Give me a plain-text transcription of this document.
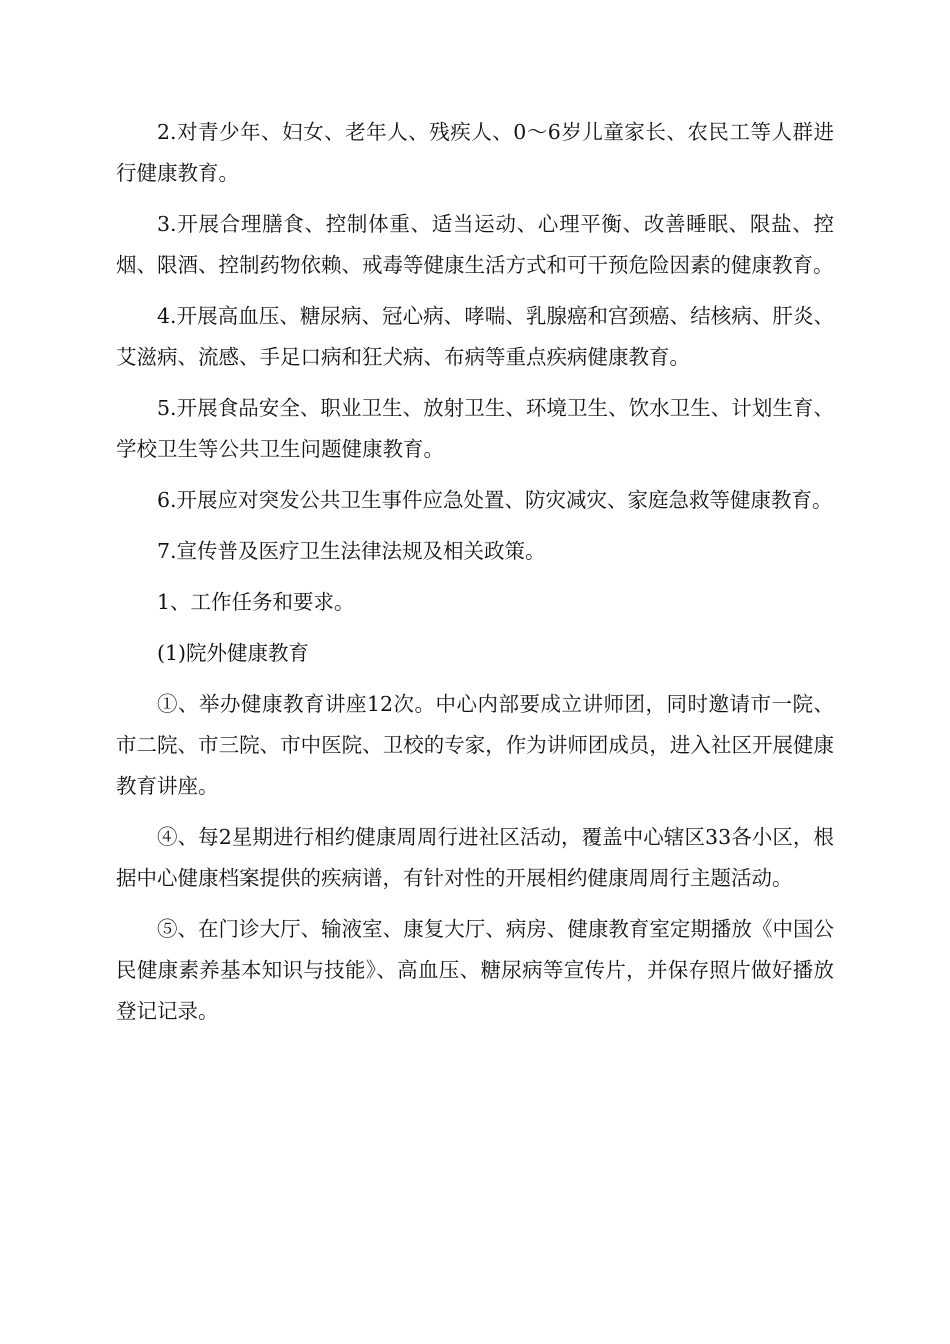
2.对青少年、妇女、老年人、残疾人、0～6岁儿童家长、农民工等人群进行健康教育。

3.开展合理膳食、控制体重、适当运动、心理平衡、改善睡眠、限盐、控烟、限酒、控制药物依赖、戒毒等健康生活方式和可干预危险因素的健康教育。

4.开展高血压、糖尿病、冠心病、哮喘、乳腺癌和宫颈癌、结核病、肝炎、艾滋病、流感、手足口病和狂犬病、布病等重点疾病健康教育。

5.开展食品安全、职业卫生、放射卫生、环境卫生、饮水卫生、计划生育、学校卫生等公共卫生问题健康教育。

6.开展应对突发公共卫生事件应急处置、防灾减灾、家庭急救等健康教育。

7.宣传普及医疗卫生法律法规及相关政策。

1、工作任务和要求。

(1)院外健康教育

①、举办健康教育讲座12次。中心内部要成立讲师团，同时邀请市一院、市二院、市三院、市中医院、卫校的专家，作为讲师团成员，进入社区开展健康教育讲座。

④、每2星期进行相约健康周周行进社区活动，覆盖中心辖区33各小区，根据中心健康档案提供的疾病谱，有针对性的开展相约健康周周行主题活动。

⑤、在门诊大厅、输液室、康复大厅、病房、健康教育室定期播放《中国公民健康素养基本知识与技能》、高血压、糖尿病等宣传片，并保存照片做好播放登记记录。
